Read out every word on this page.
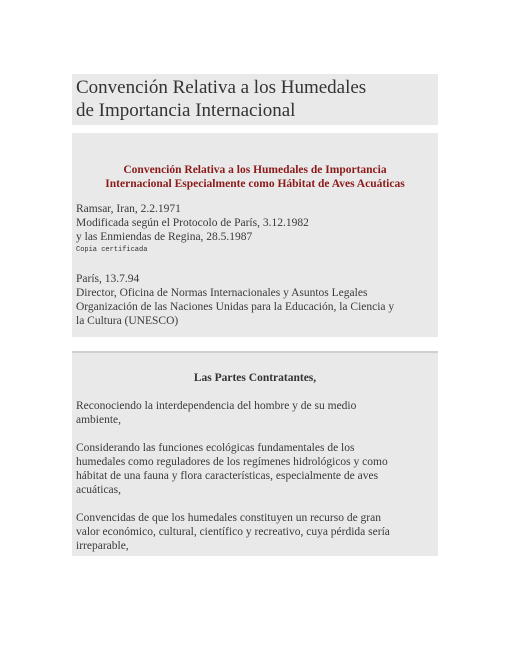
Convención Relativa a los Humedales
de Importancia Internacional
Convención Relativa a los Humedales de Importancia
Internacional Especialmente como Hábitat de Aves Acuáticas
Ramsar, Iran, 2.2.1971
Modificada según el Protocolo de París, 3.12.1982
y las Enmiendas de Regina, 28.5.1987
Copia certificada
París, 13.7.94
Director, Oficina de Normas Internacionales y Asuntos Legales
Organización de las Naciones Unidas para la Educación, la Ciencia y
la Cultura (UNESCO)
Las Partes Contratantes,
Reconociendo la interdependencia del hombre y de su medio
ambiente,
Considerando las funciones ecológicas fundamentales de los
humedales como reguladores de los regímenes hidrológicos y como
hábitat de una fauna y flora características, especialmente de aves
acuáticas,
Convencidas de que los humedales constituyen un recurso de gran
valor económico, cultural, científico y recreativo, cuya pérdida sería
irreparable,
